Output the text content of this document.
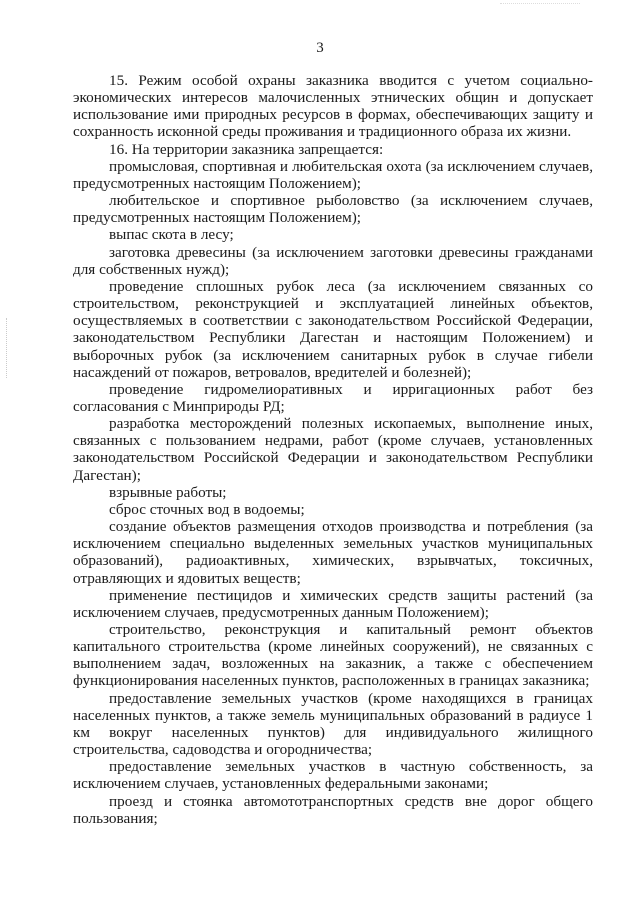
3

15. Режим особой охраны заказника вводится с учетом социально-экономических интересов малочисленных этнических общин и допускает использование ими природных ресурсов в формах, обеспечивающих защиту и сохранность исконной среды проживания и традиционного образа их жизни.

16. На территории заказника запрещается:

промысловая, спортивная и любительская охота (за исключением случаев, предусмотренных настоящим Положением);

любительское и спортивное рыболовство (за исключением случаев, предусмотренных настоящим Положением);

выпас скота в лесу;

заготовка древесины (за исключением заготовки древесины гражданами для собственных нужд);

проведение сплошных рубок леса (за исключением связанных со строительством, реконструкцией и эксплуатацией линейных объектов, осуществляемых в соответствии с законодательством Российской Федерации, законодательством Республики Дагестан и настоящим Положением) и выборочных рубок (за исключением санитарных рубок в случае гибели насаждений от пожаров, ветровалов, вредителей и болезней);

проведение гидромелиоративных и ирригационных работ без согласования с Минприроды РД;

разработка месторождений полезных ископаемых, выполнение иных, связанных с пользованием недрами, работ (кроме случаев, установленных законодательством Российской Федерации и законодательством Республики Дагестан);

взрывные работы;

сброс сточных вод в водоемы;

создание объектов размещения отходов производства и потребления (за исключением специально выделенных земельных участков муниципальных образований), радиоактивных, химических, взрывчатых, токсичных, отравляющих и ядовитых веществ;

применение пестицидов и химических средств защиты растений (за исключением случаев, предусмотренных данным Положением);

строительство, реконструкция и капитальный ремонт объектов капитального строительства (кроме линейных сооружений), не связанных с выполнением задач, возложенных на заказник, а также с обеспечением функционирования населенных пунктов, расположенных в границах заказника;

предоставление земельных участков (кроме находящихся в границах населенных пунктов, а также земель муниципальных образований в радиусе 1 км вокруг населенных пунктов) для индивидуального жилищного строительства, садоводства и огородничества;

предоставление земельных участков в частную собственность, за исключением случаев, установленных федеральными законами;

проезд и стоянка автомототранспортных средств вне дорог общего пользования;
